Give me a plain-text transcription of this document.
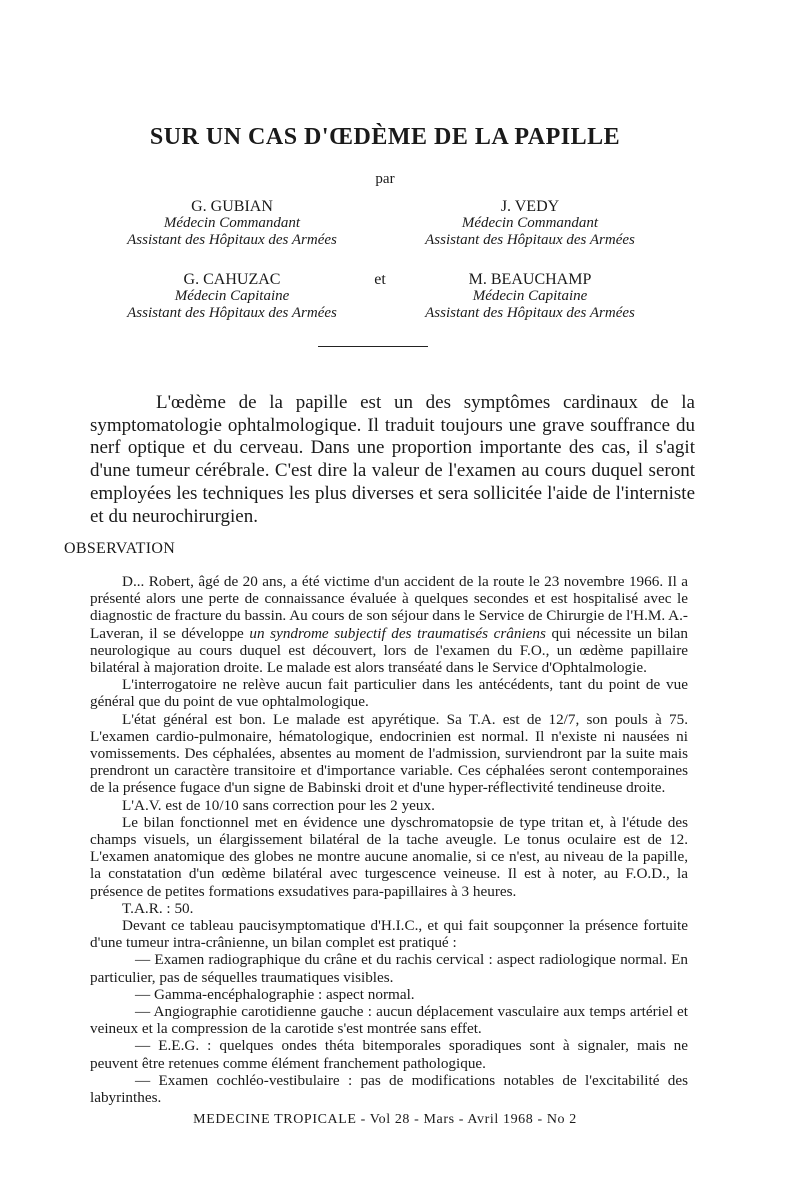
SUR UN CAS D'ŒDÈME DE LA PAPILLE
par
G. GUBIAN
Médecin Commandant
Assistant des Hôpitaux des Armées
J. VEDY
Médecin Commandant
Assistant des Hôpitaux des Armées
G. CAHUZAC
Médecin Capitaine
Assistant des Hôpitaux des Armées
et	M. BEAUCHAMP
Médecin Capitaine
Assistant des Hôpitaux des Armées

L'œdème de la papille est un des symptômes cardinaux de la symptomatologie ophtalmologique. Il traduit toujours une grave souffrance du nerf optique et du cerveau. Dans une proportion importante des cas, il s'agit d'une tumeur cérébrale. C'est dire la valeur de l'examen au cours duquel seront employées les techniques les plus diverses et sera sollicitée l'aide de l'interniste et du neurochirurgien.

OBSERVATION

D... Robert, âgé de 20 ans, a été victime d'un accident de la route le 23 novembre 1966. Il a présenté alors une perte de connaissance évaluée à quelques secondes et est hospitalisé avec le diagnostic de fracture du bassin. Au cours de son séjour dans le Service de Chirurgie de l'H.M. A.-Laveran, il se développe un syndrome subjectif des traumatisés crâniens qui nécessite un bilan neurologique au cours duquel est découvert, lors de l'examen du F.O., un œdème papillaire bilatéral à majoration droite. Le malade est alors transéaté dans le Service d'Ophtalmologie.

L'interrogatoire ne relève aucun fait particulier dans les antécédents, tant du point de vue général que du point de vue ophtalmologique.

L'état général est bon. Le malade est apyrétique. Sa T.A. est de 12/7, son pouls à 75. L'examen cardio-pulmonaire, hématologique, endocrinien est normal. Il n'existe ni nausées ni vomissements. Des céphalées, absentes au moment de l'admission, surviendront par la suite mais prendront un caractère transitoire et d'importance variable. Ces céphalées seront contemporaines de la présence fugace d'un signe de Babinski droit et d'une hyper-réflectivité tendineuse droite.

L'A.V. est de 10/10 sans correction pour les 2 yeux.

Le bilan fonctionnel met en évidence une dyschromatopsie de type tritan et, à l'étude des champs visuels, un élargissement bilatéral de la tache aveugle. Le tonus oculaire est de 12. L'examen anatomique des globes ne montre aucune anomalie, si ce n'est, au niveau de la papille, la constatation d'un œdème bilatéral avec turgescence veineuse. Il est à noter, au F.O.D., la présence de petites formations exsudatives para-papillaires à 3 heures.

T.A.R. : 50.

Devant ce tableau paucisymptomatique d'H.I.C., et qui fait soupçonner la présence fortuite d'une tumeur intra-crânienne, un bilan complet est pratiqué :

— Examen radiographique du crâne et du rachis cervical : aspect radiologique normal. En particulier, pas de séquelles traumatiques visibles.

— Gamma-encéphalographie : aspect normal.

— Angiographie carotidienne gauche : aucun déplacement vasculaire aux temps artériel et veineux et la compression de la carotide s'est montrée sans effet.

— E.E.G. : quelques ondes théta bitemporales sporadiques sont à signaler, mais ne peuvent être retenues comme élément franchement pathologique.

— Examen cochléo-vestibulaire : pas de modifications notables de l'excitabilité des labyrinthes.

MEDECINE TROPICALE - Vol 28 - Mars - Avril 1968 - No 2
